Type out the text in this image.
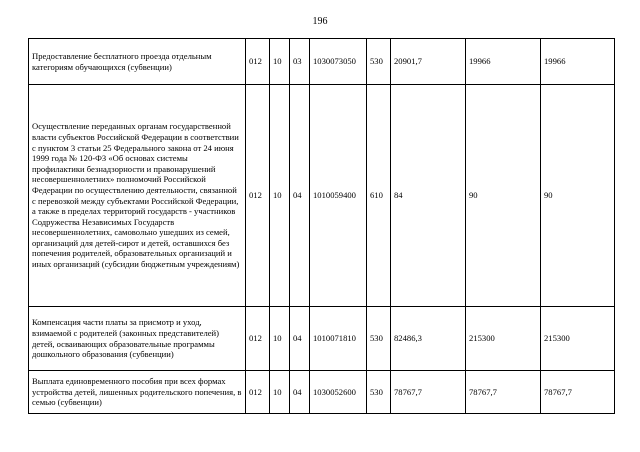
196
Предоставление бесплатного проезда отдельным категориям обучающихся (субвенции)	012	10	03	1030073050	530	20901,7	19966	19966
Осуществление переданных органам государственной власти субъектов Российской Федерации в соответствии с пунктом 3 статьи 25 Федерального закона от 24 июня 1999 года № 120-ФЗ «Об основах системы профилактики безнадзорности и правонарушений несовершеннолетних» полномочий Российской Федерации по осуществлению деятельности, связанной с перевозкой между субъектами Российской Федерации, а также в пределах территорий государств - участников Содружества Независимых Государств несовершеннолетних, самовольно ушедших из семей, организаций для детей-сирот и детей, оставшихся без попечения родителей, образовательных организаций и иных организаций (субсидии бюджетным учреждениям)	012	10	04	1010059400	610	84	90	90
Компенсация части платы за присмотр и уход, взимаемой с родителей (законных представителей) детей, осваивающих образовательные программы дошкольного образования (субвенции)	012	10	04	1010071810	530	82486,3	215300	215300
Выплата единовременного пособия при всех формах устройства детей, лишенных родительского попечения, в семью (субвенции)	012	10	04	1030052600	530	78767,7	78767,7	78767,7
